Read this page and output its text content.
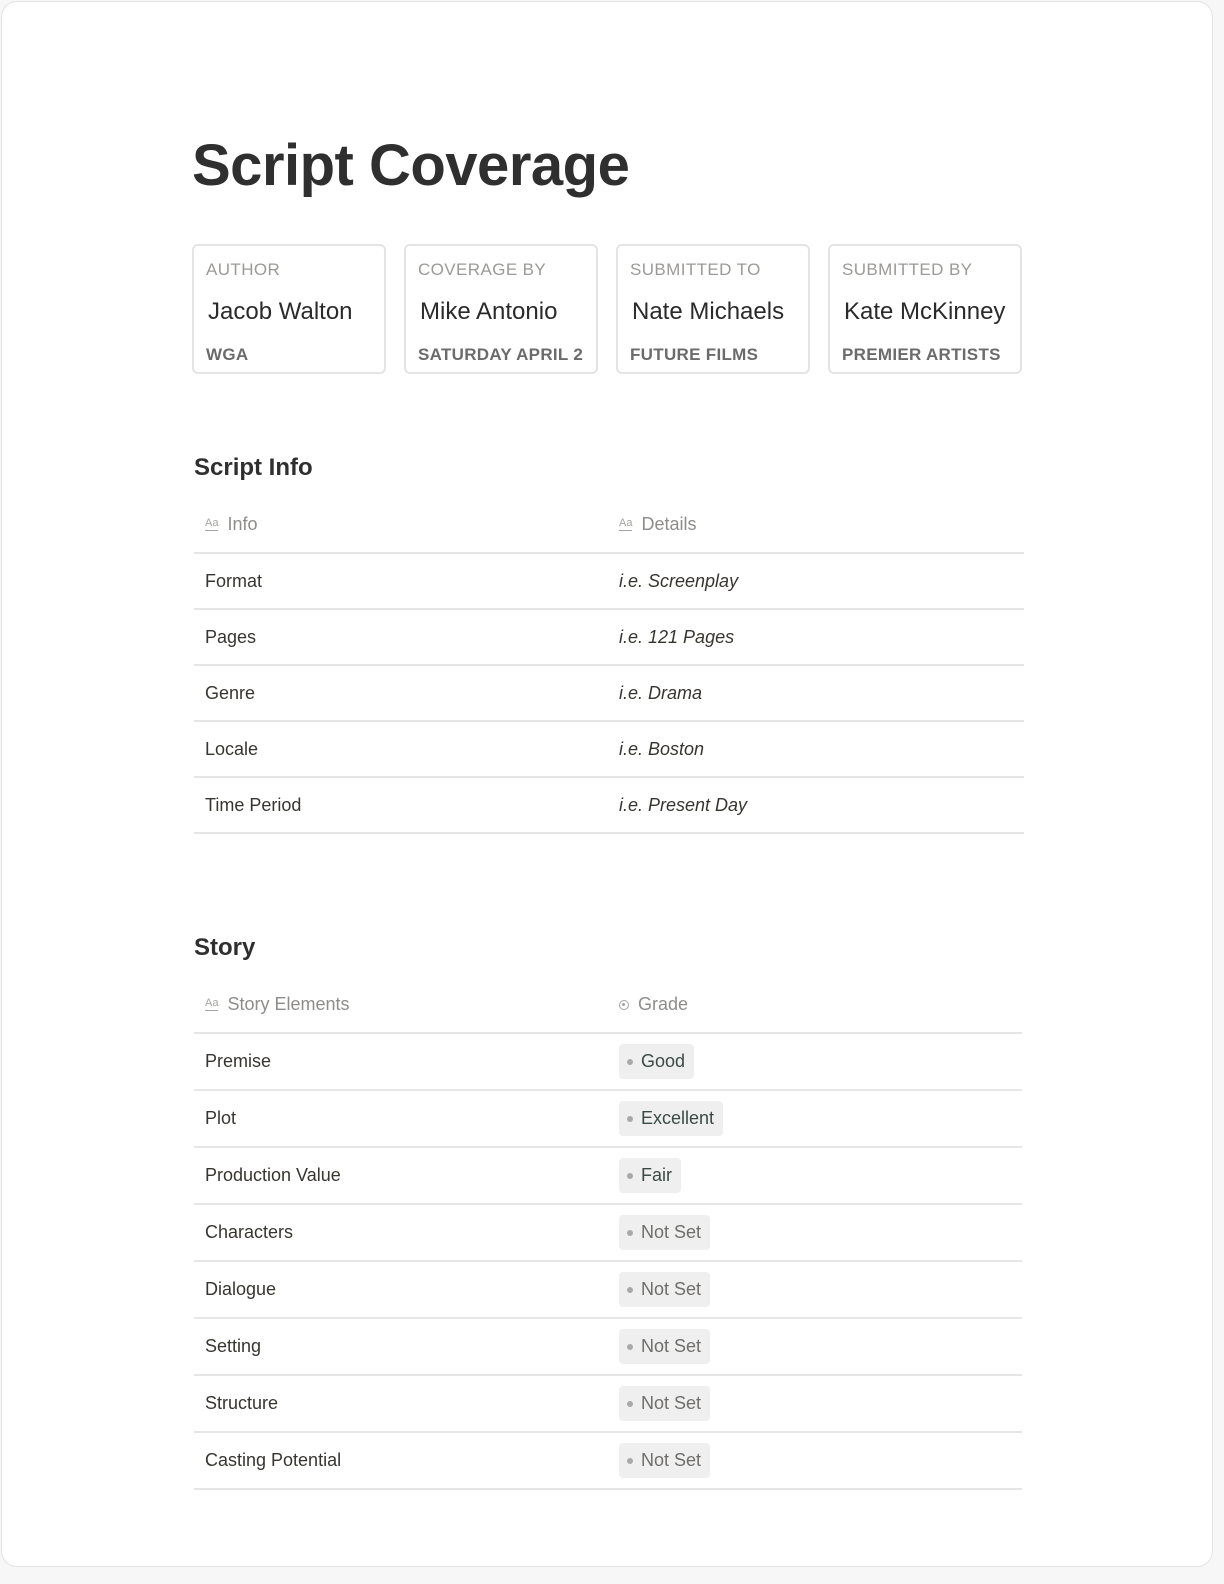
Script Coverage
AUTHOR
Jacob Walton
WGA
COVERAGE BY
Mike Antonio
SATURDAY APRIL 2
SUBMITTED TO
Nate Michaels
FUTURE FILMS
SUBMITTED BY
Kate McKinney
PREMIER ARTISTS
Script Info
Aa Info	Aa Details
Format	i.e. Screenplay
Pages	i.e. 121 Pages
Genre	i.e. Drama
Locale	i.e. Boston
Time Period	i.e. Present Day
Story
Aa Story Elements	Grade
Premise	Good
Plot	Excellent
Production Value	Fair
Characters	Not Set
Dialogue	Not Set
Setting	Not Set
Structure	Not Set
Casting Potential	Not Set
